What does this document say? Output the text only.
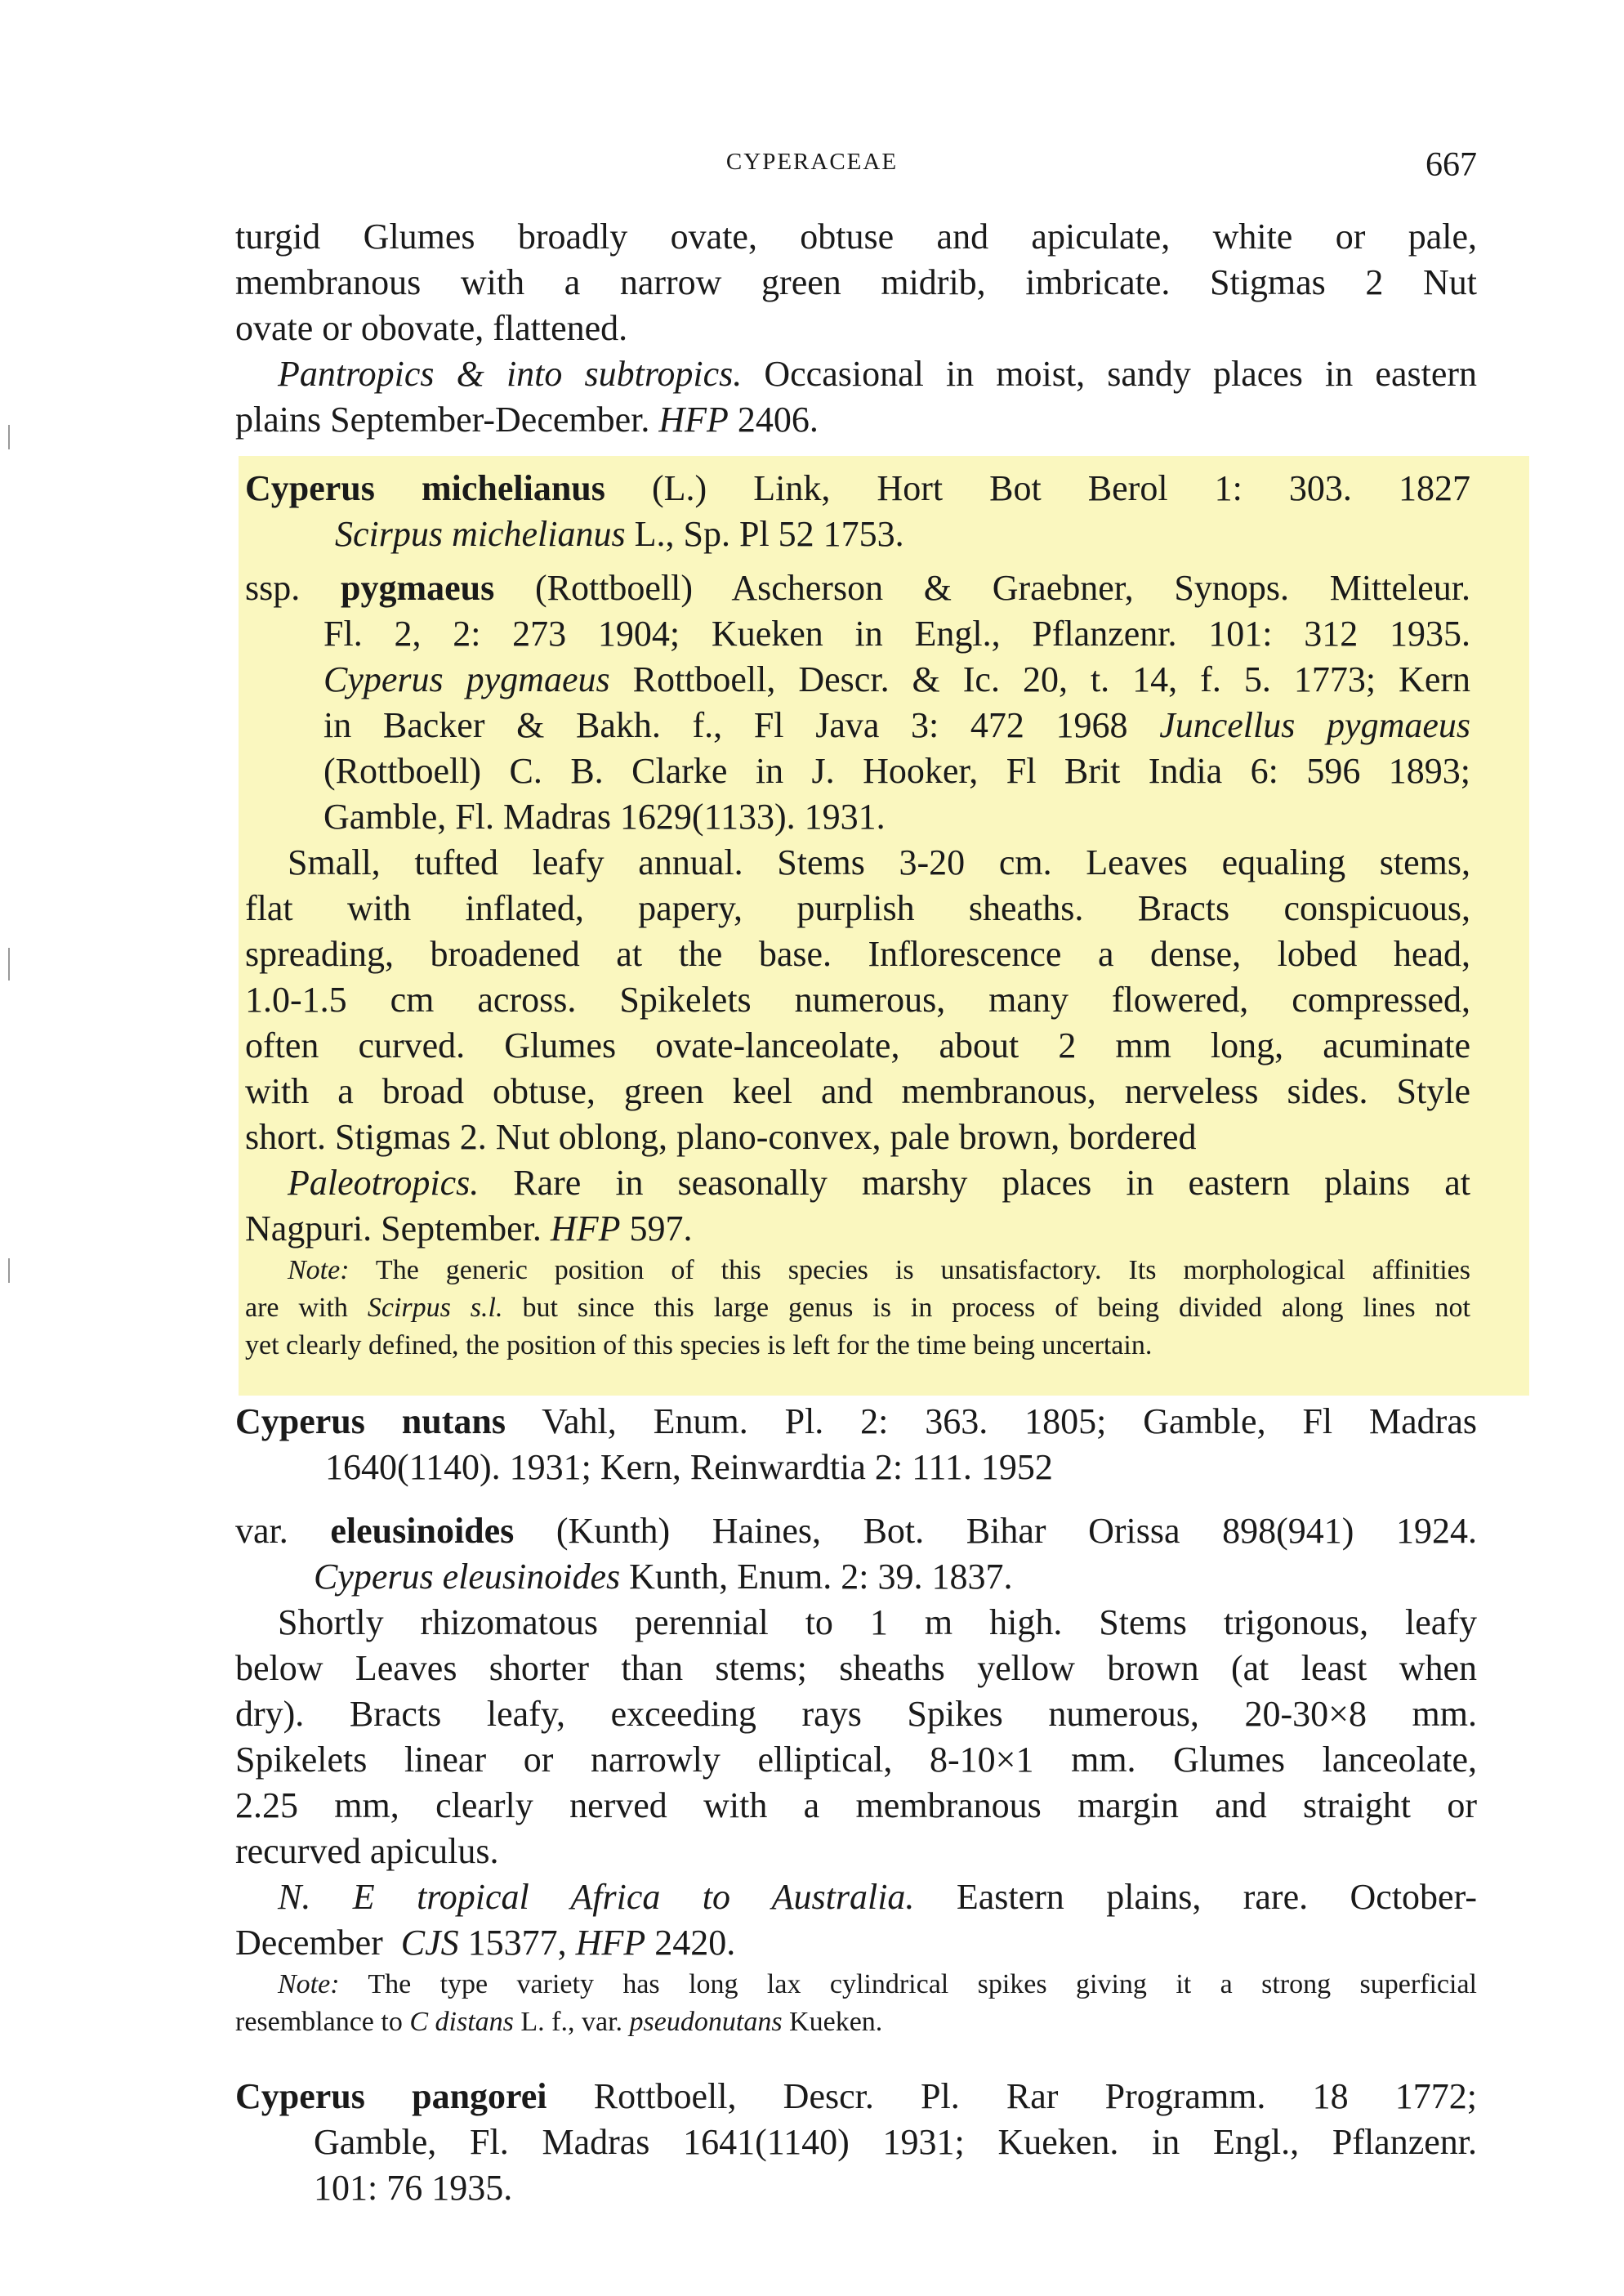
CYPERACEAE	667
turgid Glumes broadly ovate, obtuse and apiculate, white or pale,
membranous with a narrow green midrib, imbricate. Stigmas 2 Nut
ovate or obovate, flattened.
Pantropics & into subtropics. Occasional in moist, sandy places in eastern
plains September-December. HFP 2406.
Cyperus michelianus (L.) Link, Hort Bot Berol 1: 303. 1827
Scirpus michelianus L., Sp. Pl 52 1753.
ssp. pygmaeus (Rottboell) Ascherson & Graebner, Synops. Mitteleur.
Fl. 2, 2: 273 1904; Kueken in Engl., Pflanzenr. 101: 312 1935.
Cyperus pygmaeus Rottboell, Descr. & Ic. 20, t. 14, f. 5. 1773; Kern
in Backer & Bakh. f., Fl Java 3: 472 1968 Juncellus pygmaeus
(Rottboell) C. B. Clarke in J. Hooker, Fl Brit India 6: 596 1893;
Gamble, Fl. Madras 1629(1133). 1931.
Small, tufted leafy annual. Stems 3-20 cm. Leaves equaling stems,
flat with inflated, papery, purplish sheaths. Bracts conspicuous,
spreading, broadened at the base. Inflorescence a dense, lobed head,
1.0-1.5 cm across. Spikelets numerous, many flowered, compressed,
often curved. Glumes ovate-lanceolate, about 2 mm long, acuminate
with a broad obtuse, green keel and membranous, nerveless sides. Style
short. Stigmas 2. Nut oblong, plano-convex, pale brown, bordered
Paleotropics. Rare in seasonally marshy places in eastern plains at
Nagpuri. September. HFP 597.
Note: The generic position of this species is unsatisfactory. Its morphological affinities
are with Scirpus s.l. but since this large genus is in process of being divided along lines not
yet clearly defined, the position of this species is left for the time being uncertain.
Cyperus nutans Vahl, Enum. Pl. 2: 363. 1805; Gamble, Fl Madras
1640(1140). 1931; Kern, Reinwardtia 2: 111. 1952
var. eleusinoides (Kunth) Haines, Bot. Bihar Orissa 898(941) 1924.
Cyperus eleusinoides Kunth, Enum. 2: 39. 1837.
Shortly rhizomatous perennial to 1 m high. Stems trigonous, leafy
below Leaves shorter than stems; sheaths yellow brown (at least when
dry). Bracts leafy, exceeding rays Spikes numerous, 20-30×8 mm.
Spikelets linear or narrowly elliptical, 8-10×1 mm. Glumes lanceolate,
2.25 mm, clearly nerved with a membranous margin and straight or
recurved apiculus.
N. E tropical Africa to Australia. Eastern plains, rare. October-
December CJS 15377, HFP 2420.
Note: The type variety has long lax cylindrical spikes giving it a strong superficial
resemblance to C distans L. f., var. pseudonutans Kueken.
Cyperus pangorei Rottboell, Descr. Pl. Rar Programm. 18 1772;
Gamble, Fl. Madras 1641(1140) 1931; Kueken. in Engl., Pflanzenr.
101: 76 1935.
